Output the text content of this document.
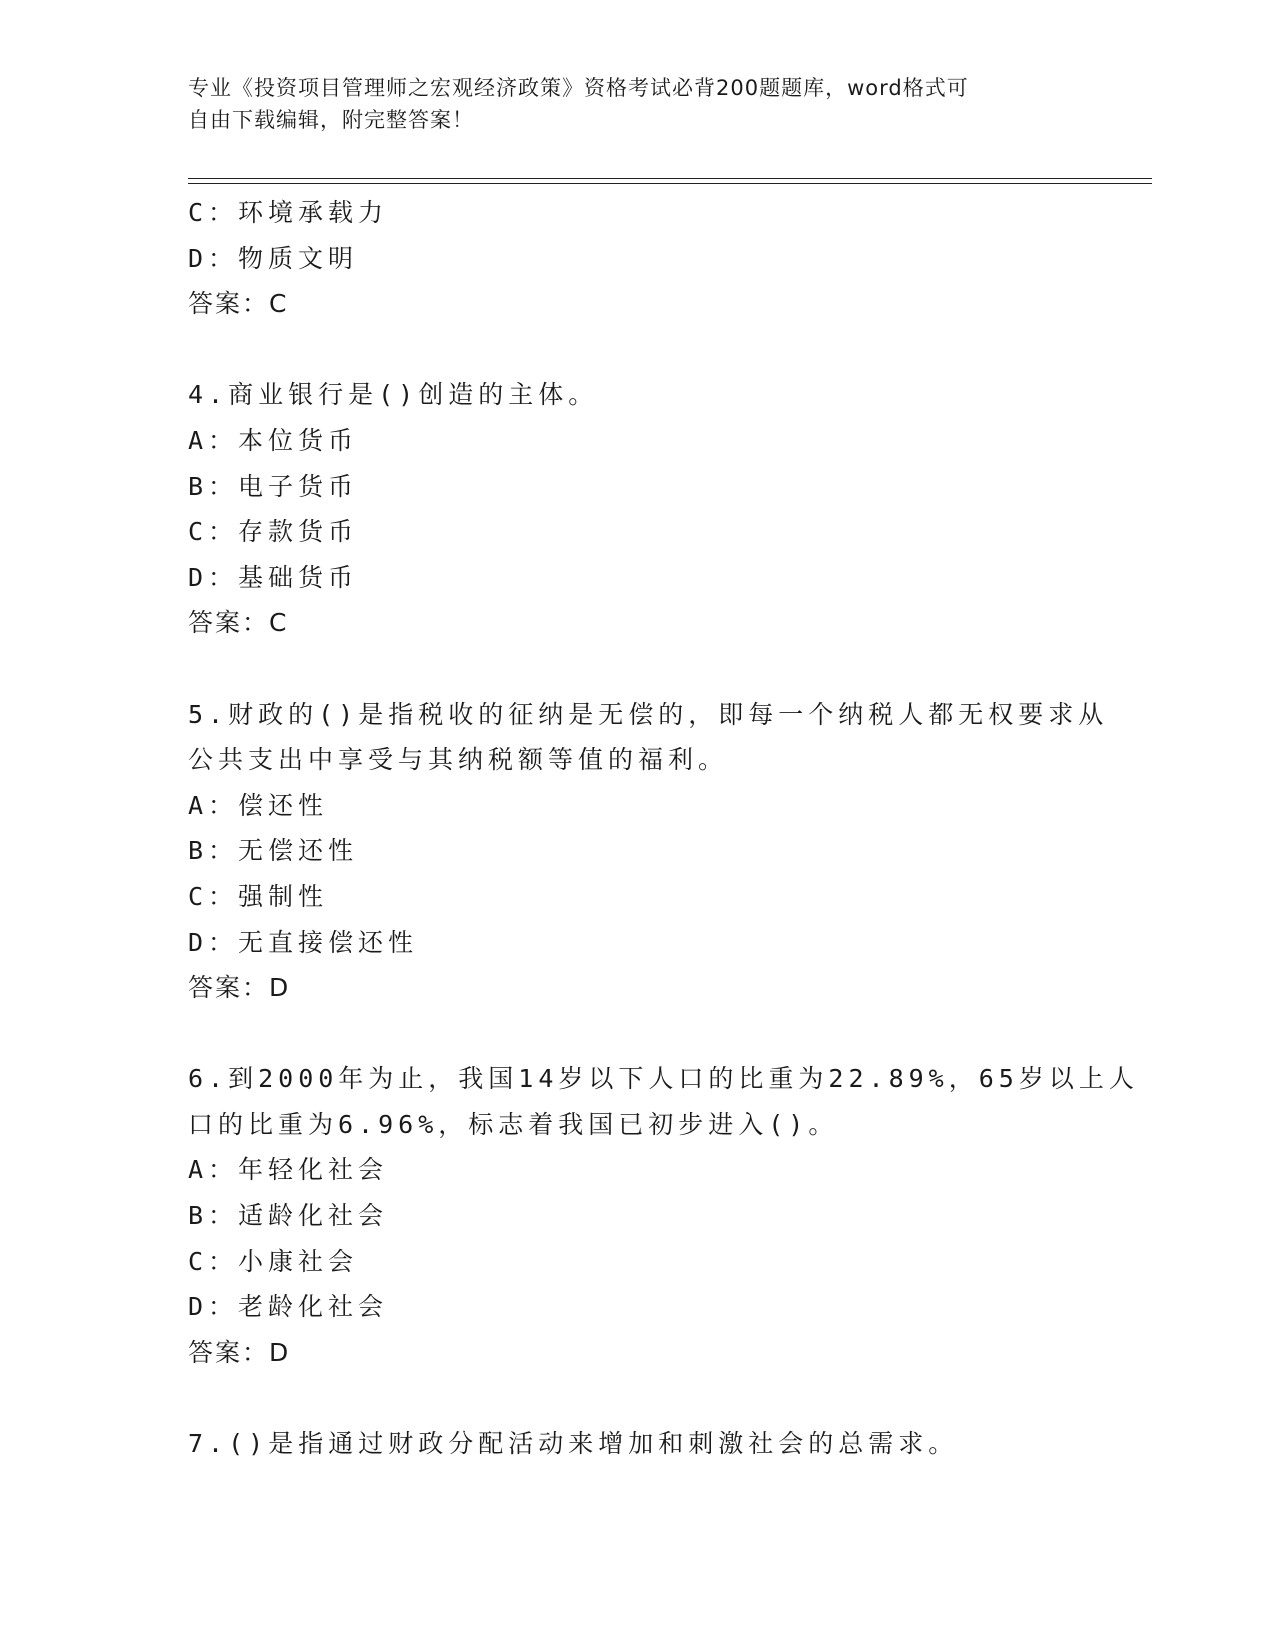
专业《投资项目管理师之宏观经济政策》资格考试必背200题题库，word格式可
自由下载编辑，附完整答案！
C：环境承载力
D：物质文明
答案：C
4.商业银行是()创造的主体。
A：本位货币
B：电子货币
C：存款货币
D：基础货币
答案：C
5.财政的()是指税收的征纳是无偿的，即每一个纳税人都无权要求从
公共支出中享受与其纳税额等值的福利。
A：偿还性
B：无偿还性
C：强制性
D：无直接偿还性
答案：D
6.到2000年为止，我国14岁以下人口的比重为22.89%，65岁以上人
口的比重为6.96%，标志着我国已初步进入()。
A：年轻化社会
B：适龄化社会
C：小康社会
D：老龄化社会
答案：D
7.()是指通过财政分配活动来增加和刺激社会的总需求。
